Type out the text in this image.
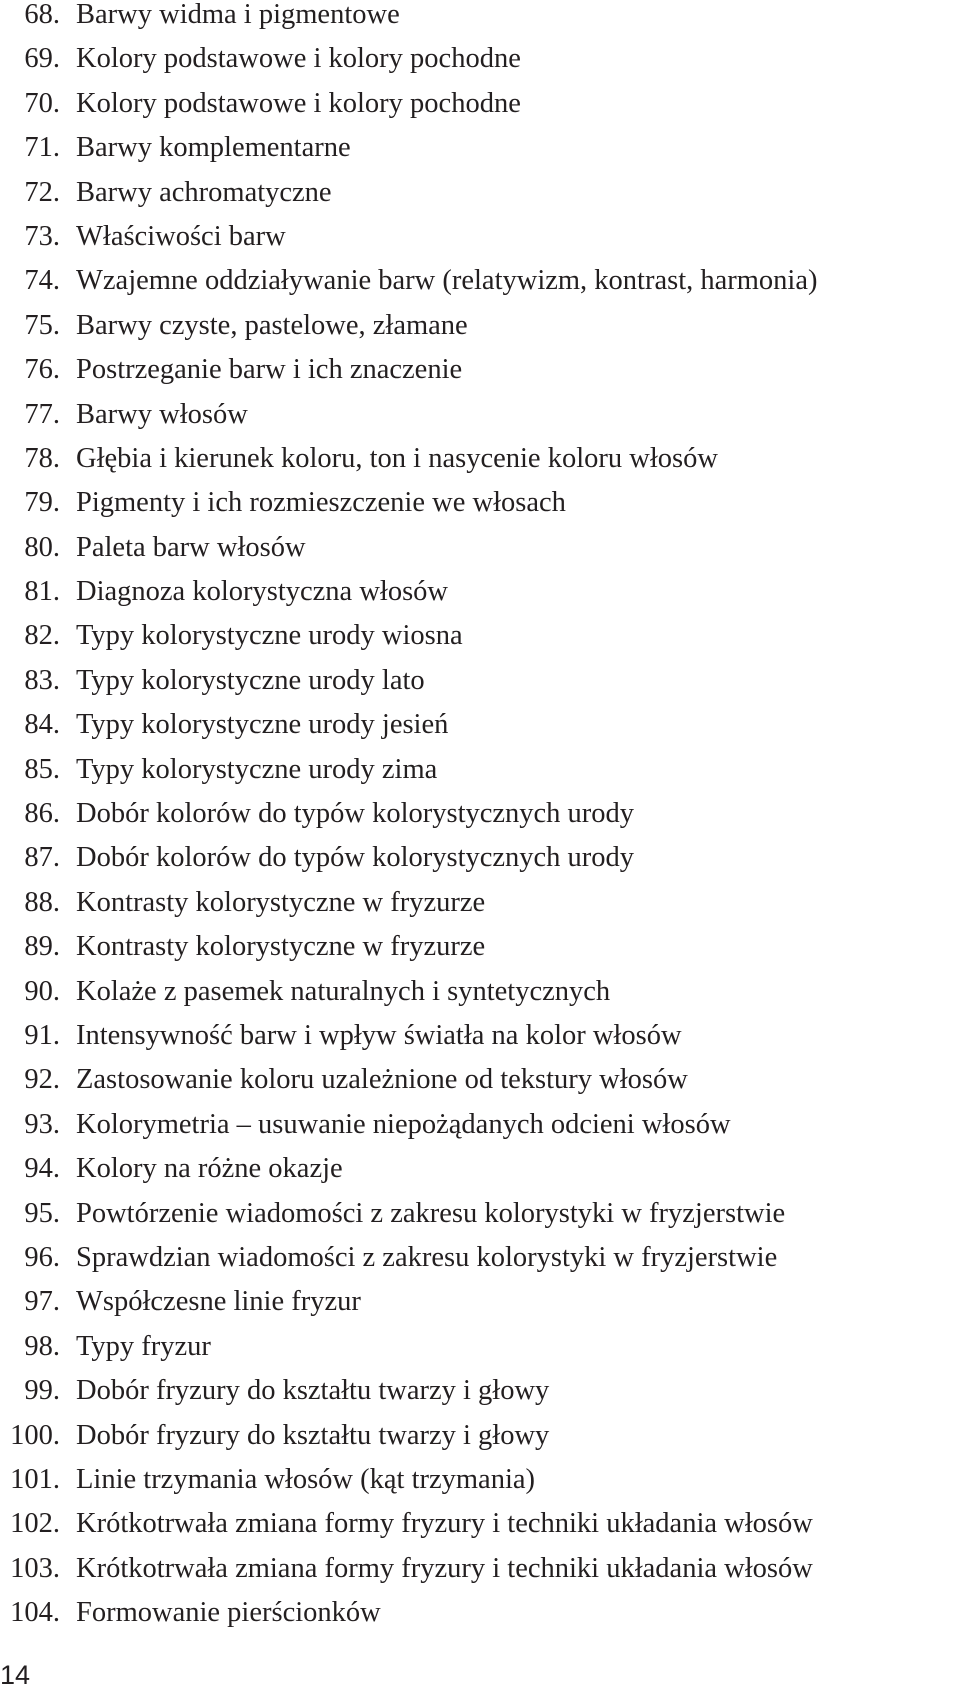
68. Barwy widma i pigmentowe
69. Kolory podstawowe i kolory pochodne
70. Kolory podstawowe i kolory pochodne
71. Barwy komplementarne
72. Barwy achromatyczne
73. Właściwości barw
74. Wzajemne oddziaływanie barw (relatywizm, kontrast, harmonia)
75. Barwy czyste, pastelowe, złamane
76. Postrzeganie barw i ich znaczenie
77. Barwy włosów
78. Głębia i kierunek koloru, ton i nasycenie koloru włosów
79. Pigmenty i ich rozmieszczenie we włosach
80. Paleta barw włosów
81. Diagnoza kolorystyczna włosów
82. Typy kolorystyczne urody wiosna
83. Typy kolorystyczne urody lato
84. Typy kolorystyczne urody jesień
85. Typy kolorystyczne urody zima
86. Dobór kolorów do typów kolorystycznych urody
87. Dobór kolorów do typów kolorystycznych urody
88. Kontrasty kolorystyczne w fryzurze
89. Kontrasty kolorystyczne w fryzurze
90. Kolaże z pasemek naturalnych i syntetycznych
91. Intensywność barw i wpływ światła na kolor włosów
92. Zastosowanie koloru uzależnione od tekstury włosów
93. Kolorymetria – usuwanie niepożądanych odcieni włosów
94. Kolory na różne okazje
95. Powtórzenie wiadomości z zakresu kolorystyki w fryzjerstwie
96. Sprawdzian wiadomości z zakresu kolorystyki w fryzjerstwie
97. Współczesne linie fryzur
98. Typy fryzur
99. Dobór fryzury do kształtu twarzy i głowy
100. Dobór fryzury do kształtu twarzy i głowy
101. Linie trzymania włosów (kąt trzymania)
102. Krótkotrwała zmiana formy fryzury i techniki układania włosów
103. Krótkotrwała zmiana formy fryzury i techniki układania włosów
104. Formowanie pierścionków
14
